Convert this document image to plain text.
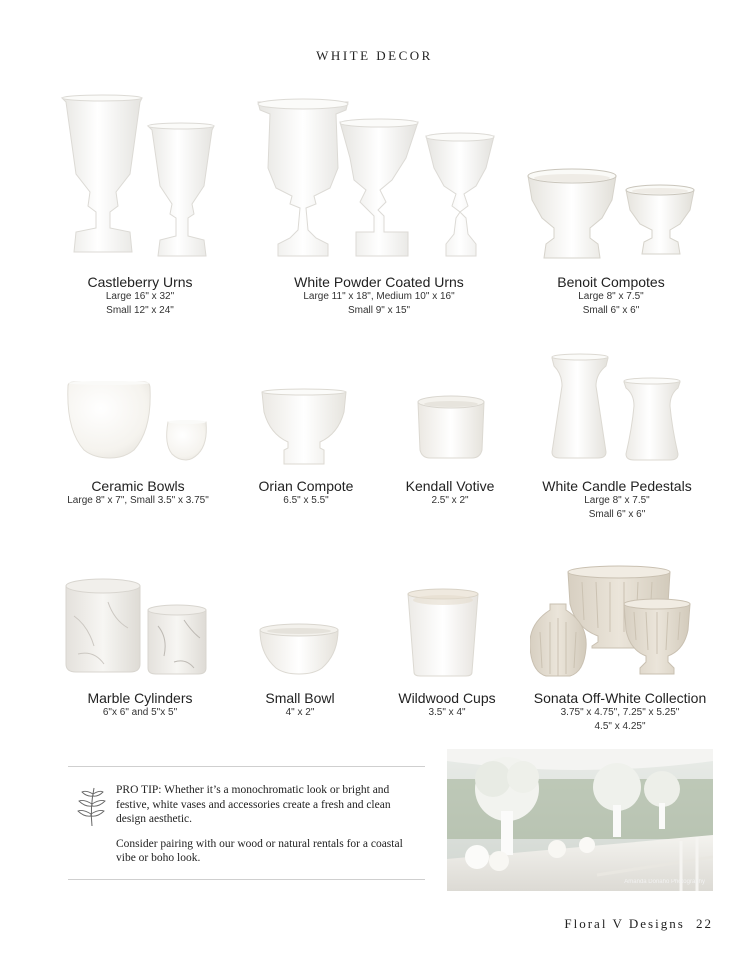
WHITE DECOR
Castleberry Urns
Large 16" x 32"
Small 12" x 24"
White Powder Coated Urns
Large 11" x 18", Medium 10" x 16"
Small 9" x 15"
Benoit Compotes
Large 8" x 7.5"
Small 6" x 6"
Ceramic Bowls
Large 8" x 7", Small 3.5" x 3.75"
Orian Compote
6.5" x 5.5"
Kendall Votive
2.5" x 2"
White Candle Pedestals
Large 8" x 7.5"
Small 6" x 6"
Marble Cylinders
6"x 6" and 5"x 5"
Small Bowl
4" x 2"
Wildwood Cups
3.5" x 4"
Sonata Off-White Collection
3.75" x 4.75", 7.25" x 5.25"
4.5" x 4.25"

PRO TIP: Whether it’s a monochromatic look or bright and festive, white vases and accessories create a fresh and clean design aesthetic.

Consider pairing with our wood or natural rentals for a coastal vibe or boho look.

Amanda Donaho Photography
Floral V Designs 22
